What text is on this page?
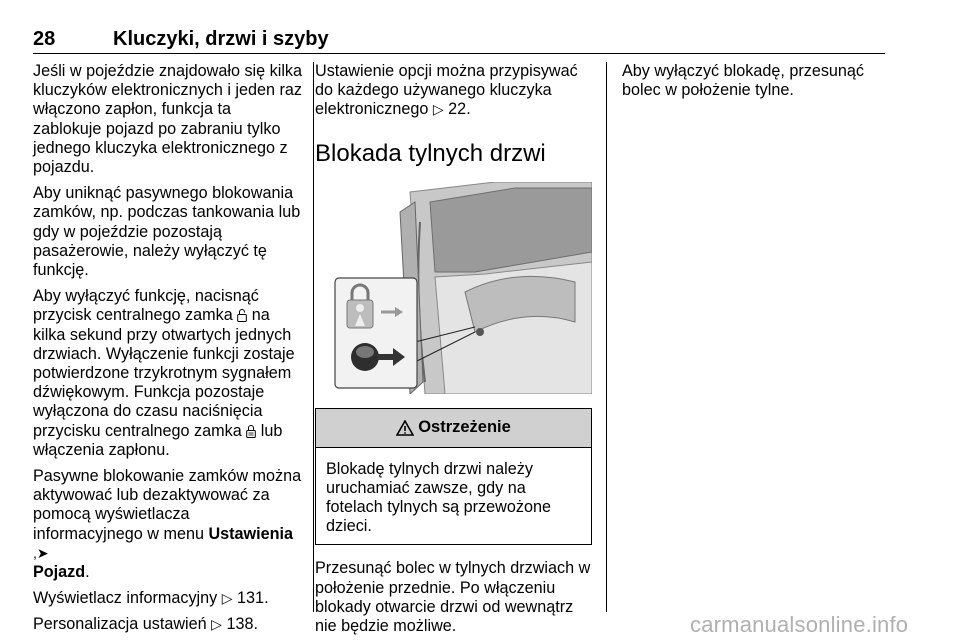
28	Kluczyki, drzwi i szyby

Jeśli w pojeździe znajdowało się kilka kluczyków elektronicznych i jeden raz włączono zapłon, funkcja ta zablokuje pojazd po zabraniu tylko jednego kluczyka elektronicznego z pojazdu.

Aby uniknąć pasywnego blokowania zamków, np. podczas tankowania lub gdy w pojeździe pozostają pasażerowie, należy wyłączyć tę funkcję.

Aby wyłączyć funkcję, nacisnąć przycisk centralnego zamka na kilka sekund przy otwartych jednych drzwiach. Wyłączenie funkcji zostaje potwierdzone trzykrotnym sygnałem dźwiękowym. Funkcja pozostaje wyłączona do czasu naciśnięcia przycisku centralnego zamka lub włączenia zapłonu.

Pasywne blokowanie zamków można aktywować lub dezaktywować za pomocą wyświetlacza informacyjnego w menu Ustawienia,➤
Pojazd.

Wyświetlacz informacyjny ▷ 131.

Personalizacja ustawień ▷ 138.

Ustawienie opcji można przypisywać do każdego używanego kluczyka elektronicznego ▷ 22.

Blokada tylnych drzwi
Ostrzeżenie
Blokadę tylnych drzwi należy uruchamiać zawsze, gdy na fotelach tylnych są przewożone dzieci.

Przesunąć bolec w tylnych drzwiach w położenie przednie. Po włączeniu blokady otwarcie drzwi od wewnątrz nie będzie możliwe.

Aby wyłączyć blokadę, przesunąć bolec w położenie tylne.

carmanualsonline.info
